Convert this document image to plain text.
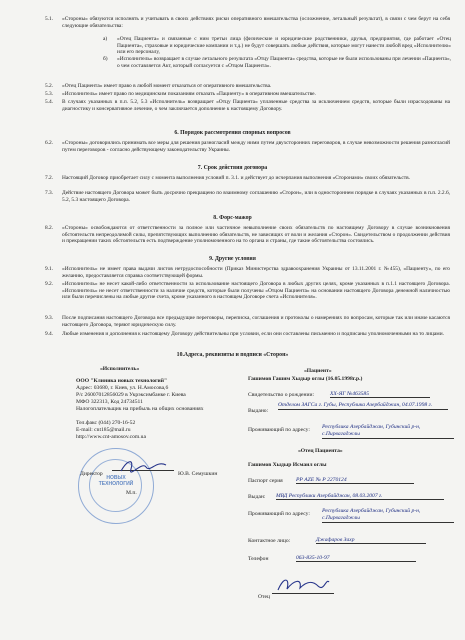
5.1. «Стороны» обязуются исполнять и учитывать в своих действиях риски оперативного вмешательства (осложнение, летальный результат), в связи с чем берут на себя следующие обязательства:

а) «Отец Пациента» и связанные с ним третьи лица (физические и юридические родственники, друзья, предприятия, где работает «Отец Пациента», страховые и юридические компании и т.д.) не будут совершать любые действия, которые могут нанести любой вред «Исполнителю» или его персоналу,

б) «Исполнитель» возвращает в случае летального результата «Отцу Пациента» средства, которые не были использованы при лечении «Пациента», о чем составляется Акт, который согласуется с «Отцом Пациента».

5.2. «Отец Пациента» имеет право в любой момент отказаться от оперативного вмешательства.

5.3. «Исполнитель» имеет право по медицинским показаниям отказать «Пациенту» в оперативном вмешательстве.

5.4. В случаях указанных в п.п. 5.2, 5.3 «Исполнитель» возвращает «Отцу Пациента» уплаченные средства за исключением средств, которые были израсходованы на диагностику и консервативное лечение, о чем заключается дополнение к настоящему Договору.

6. Порядок рассмотрения спорных вопросов
6.2. «Стороны» договорились принимать все меры для решения разногласий между ними путем двухсторонних переговоров, в случае невозможности решения разногласий путем переговоров - согласно действующему законодательству Украины.

7. Срок действия договора
7.2. Настоящий Договор приобретает силу с момента выполнения условий п. 3.1. и действует до исчерпания выполнения «Сторонами» своих обязательств.

7.3. Действие настоящего Договора может быть досрочно прекращено по взаимному соглашению «Сторон», или в одностороннем порядке в случаях указанных в п.п. 2.2.6, 5.2, 5.3 настоящего Договора.

8. Форс-мажор
8.2. «Стороны» освобождаются от ответственности за полное или частичное невыполнение своих обязательств по настоящему Договору в случае возникновения обстоятельств непреодолимой силы, препятствующих выполнению обязательств, не зависящих от воли и желания «Сторон». Свидетельством о продолжении действия и прекращении таких обстоятельств есть подтверждение уполномоченного на то органа и страны, где такие обстоятельства состоялись.

9. Другие условия
9.1. «Исполнитель» не имеет права выдачи листов нетрудоспособности (Приказ Министерства здравоохранения Украины от 13.11.2001 г. №455), «Пациенту», по его желанию, предоставляется справка соответствующей формы.

9.2. «Исполнитель» не несет какой-либо ответственности за использование настоящего Договора в любых других целях, кроме указанных в п.1.1 настоящего Договора. «Исполнитель» не несет ответственности за наличие средств, которые были получены «Отцом Пациента» на основании настоящего Договора денежной наличностью или были перечислены на любые другие счета, кроме указанного в настоящем Договоре счета «Исполнителя».

9.3. После подписания настоящего Договора все предыдущие переговоры, переписка, соглашения и протоколы о намерениях по вопросам, которые так или иначе касаются настоящего Договора, теряют юридическую силу.

9.4. Любые изменения и дополнения к настоящему Договору действительны при условии, если они составлены письменно и подписаны уполномоченными на то лицами.

10.Адреса, реквизиты и подписи «Сторон»
«Исполнитель»
ООО "Клиника новых технологий"
Адрес: 03680, г. Киев, ул. Н.Амосова,6
Р/с 26007012856029 в Укрэксимбанке г. Киева
МФО 322313, Код 24734511
Налогоплательщик на прибыль на общих основаниях
Тел.факс (044) 270-16-52
E-mail: cnt185@mail.ru
http://www.cnt-amosov.com.ua
НОВЫХ ТЕХНОЛОГИЙ
Директор	Ю.В. Семушкин
М.п.
«Пациент»
Гашимов Гашим Хыдыр оглы (16.05.1998г.р.)
Свидетельство о рождении:	XX-ЯГ №463585
Выдано:
Отделом ЗАГСа г. Губы, Республика Азербайджан, 04.07.1998 г.
Проживающий по адресу:	Республика Азербайджан, Губинский р-н, с.Пирвагаджлы
«Отец Пациента»
Гашимов Хыдыр Исмаил оглы
Паспорт серия РР АZE № Р 2270124
Выдан: МВД Республики Азербайджан, 08.03.2007 г.
Проживающий по адресу:	Республика Азербайджан, Губинский р-н, с.Пирвагаджлы
Контактное лицо:	Джафаров Захр
Телефон	063-835-10-97
Отец
